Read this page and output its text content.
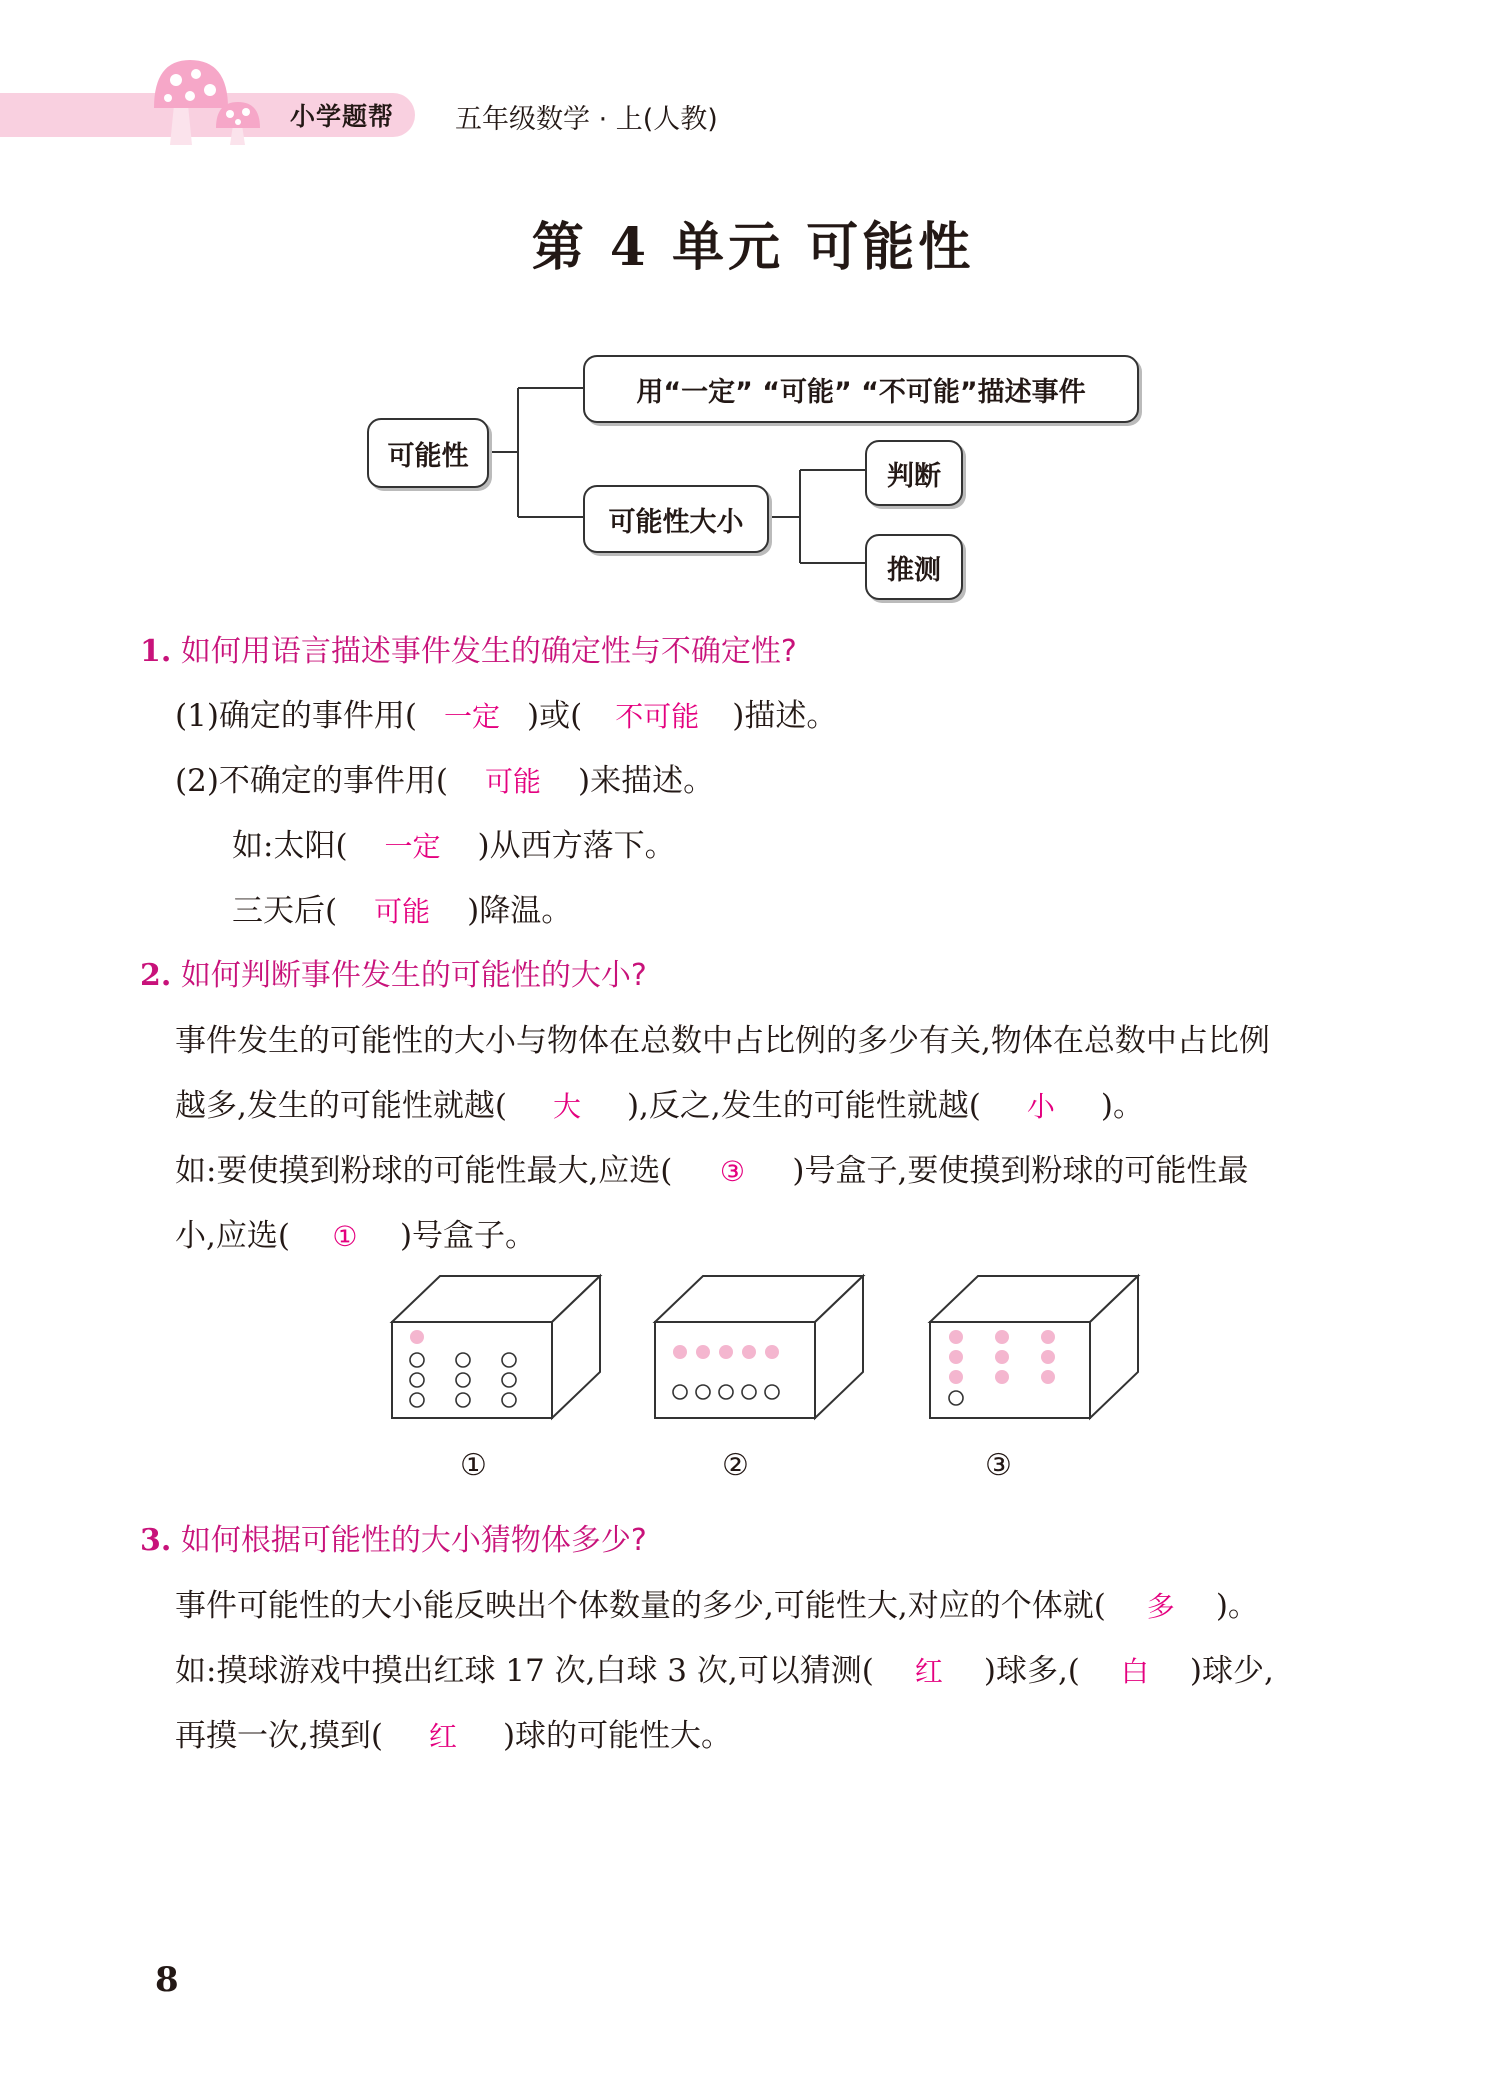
小学题帮 五年级数学 · 上(人教)
第 4 单元 可能性
可能性
用“一定” “可能” “不可能”描述事件
可能性大小
判断
推测
1. 如何用语言描述事件发生的确定性与不确定性?
(1)确定的事件用( 一定 )或( 不可能 )描述。
(2)不确定的事件用( 可能 )来描述。
如:太阳( 一定 )从西方落下。
三天后( 可能 )降温。
2. 如何判断事件发生的可能性的大小?
事件发生的可能性的大小与物体在总数中占比例的多少有关,物体在总数中占比例
越多,发生的可能性就越( 大 ),反之,发生的可能性就越( 小 )。
如:要使摸到粉球的可能性最大,应选( ③ )号盒子,要使摸到粉球的可能性最
小,应选( ① )号盒子。
①	②	③
3. 如何根据可能性的大小猜物体多少?
事件可能性的大小能反映出个体数量的多少,可能性大,对应的个体就( 多 )。
如:摸球游戏中摸出红球 17 次,白球 3 次,可以猜测( 红 )球多,( 白 )球少,
再摸一次,摸到( 红 )球的可能性大。
8
